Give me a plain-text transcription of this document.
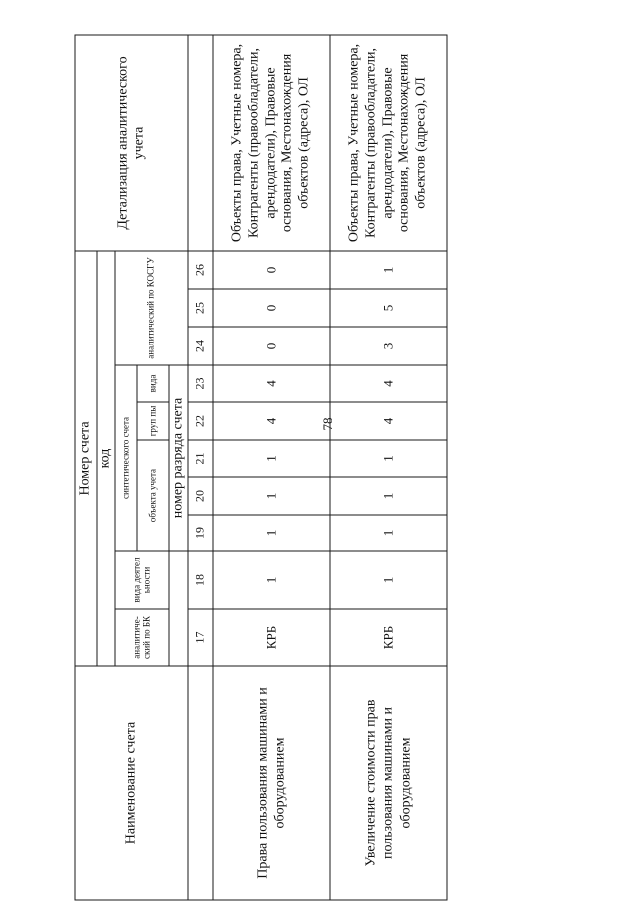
78
Наименование счета	Номер счета										Детализация аналитического учета
	код										
	аналитический по БК	вида деятел ьности	синтетического счета					аналитический по КОСГУ			
			объекта учета			груп пы	вида				
			номер разряда счета								
	17	18	19	20	21	22	23	24	25	26	
Права пользования машинами и оборудованием	КРБ	1	1	1	1	4	4	0	0	0	Объекты права, Учетные номера, Контрагенты (правообладатели, арендодатели), Правовые основания, Местонахождения объектов (адреса), ОЛ
Увеличение стоимости прав пользования машинами и оборудованием	КРБ	1	1	1	1	4	4	3	5	1	Объекты права, Учетные номера, Контрагенты (правообладатели, арендодатели), Правовые основания, Местонахождения объектов (адреса), ОЛ
